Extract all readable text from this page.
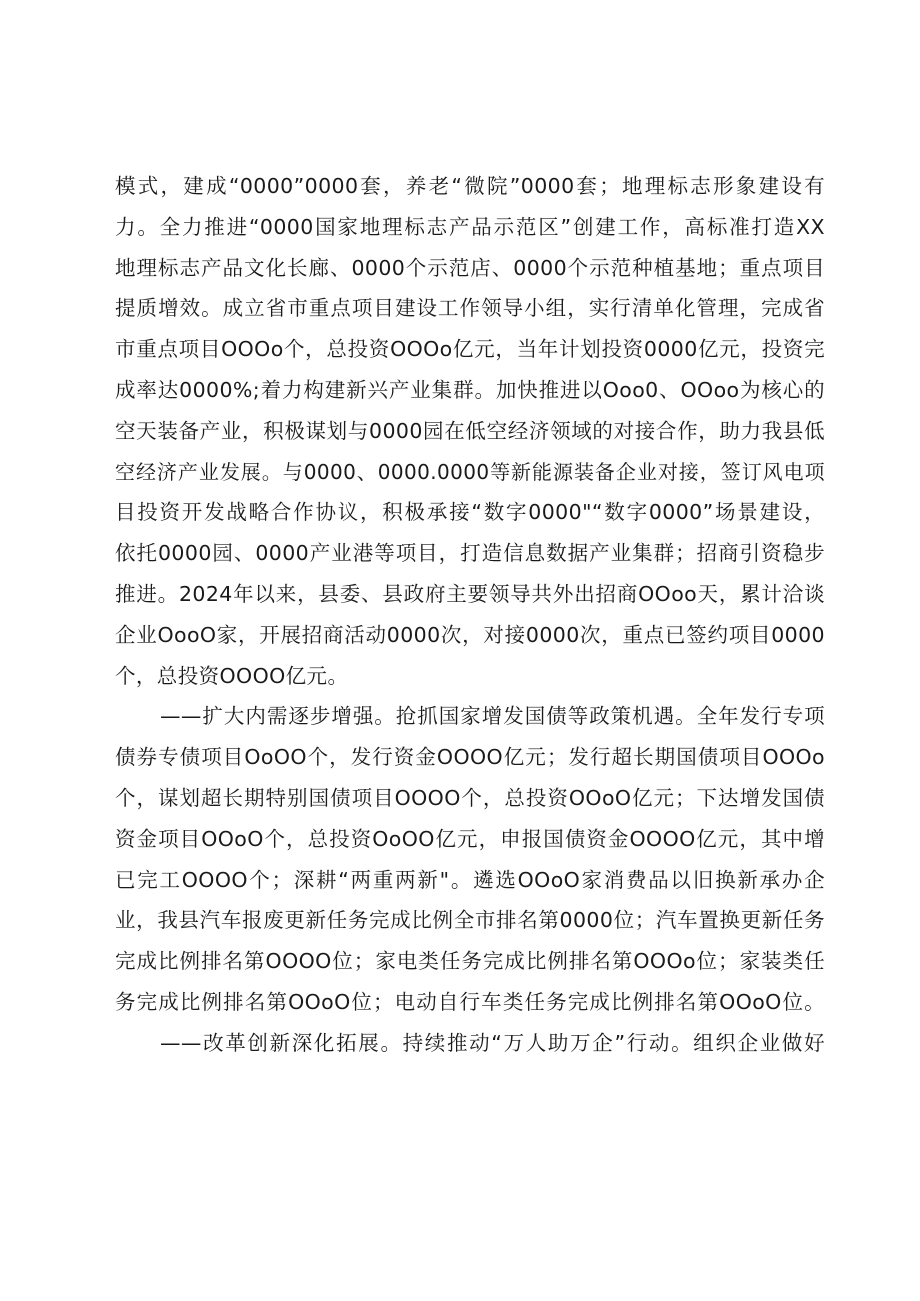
模式，建成“0000”0000套，养老“微院”0000套；地理标志形象建设有
力。全力推进“0000国家地理标志产品示范区”创建工作，高标准打造XX
地理标志产品文化长廊、0000个示范店、0000个示范种植基地；重点项目
提质增效。成立省市重点项目建设工作领导小组，实行清单化管理，完成省
市重点项目OOOo个，总投资OOOo亿元，当年计划投资0000亿元，投资完
成率达0000%;着力构建新兴产业集群。加快推进以Ooo0、OOoo为核心的
空天装备产业，积极谋划与0000园在低空经济领域的对接合作，助力我县低
空经济产业发展。与0000、0000.0000等新能源装备企业对接，签订风电项
目投资开发战略合作协议，积极承接“数字0000"“数字0000”场景建设，
依托0000园、0000产业港等项目，打造信息数据产业集群；招商引资稳步
推进。2024年以来，县委、县政府主要领导共外出招商OOoo天，累计洽谈
企业OooO家，开展招商活动0000次，对接0000次，重点已签约项目0000
个，总投资OOOO亿元。
——扩大内需逐步增强。抢抓国家增发国债等政策机遇。全年发行专项
债券专债项目OoOO个，发行资金OOOO亿元；发行超长期国债项目OOOo
个，谋划超长期特别国债项目OOOO个，总投资OOoO亿元；下达增发国债
资金项目OOoO个，总投资OoOO亿元，申报国债资金OOOO亿元，其中增
已完工OOOO个；深耕“两重两新"。遴选OOoO家消费品以旧换新承办企
业，我县汽车报废更新任务完成比例全市排名第0000位；汽车置换更新任务
完成比例排名第OOOO位；家电类任务完成比例排名第OOOo位；家装类任
务完成比例排名第OOoO位；电动自行车类任务完成比例排名第OOoO位。
——改革创新深化拓展。持续推动“万人助万企”行动。组织企业做好
